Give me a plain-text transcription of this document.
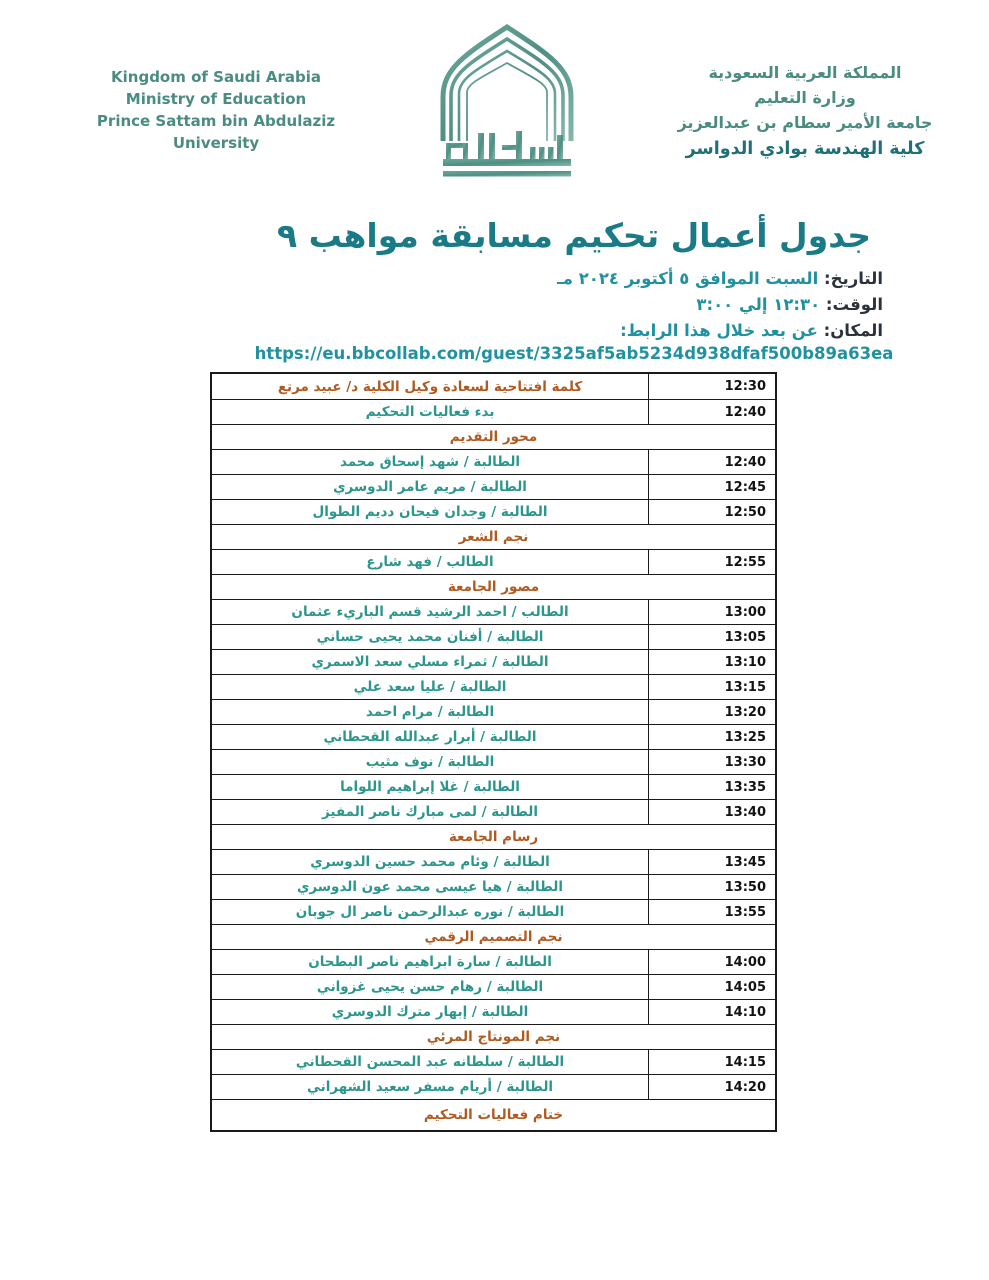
Kingdom of Saudi Arabia
Ministry of Education
Prince Sattam bin Abdulaziz University
المملكة العربية السعودية
وزارة التعليم
جامعة الأمير سطام بن عبدالعزيز
كلية الهندسة بوادي الدواسر
جدول أعمال تحكيم مسابقة مواهب ٩
التاريخ: السبت الموافق ٥ أكتوبر ٢٠٢٤ مـ
الوقت: ١٢:٣٠ إلي ٣:٠٠
المكان: عن بعد خلال هذا الرابط:
https://eu.bbcollab.com/guest/3325af5ab5234d938dfaf500b89a63ea
كلمة افتتاحية لسعادة وكيل الكلية د/ عبيد مرتع	12:30
بدء فعاليات التحكيم	12:40
محور التقديم
الطالبة / شهد إسحاق محمد	12:40
الطالبة / مريم عامر الدوسري	12:45
الطالبة / وجدان فيحان دديم الطوال	12:50
نجم الشعر
الطالب / فهد شارع	12:55
مصور الجامعة
الطالب / احمد الرشيد قسم الباريء عثمان	13:00
الطالبة / أفنان محمد يحيى حساني	13:05
الطالبة / ثمراء مسلي سعد الاسمري	13:10
الطالبة / عليا سعد علي	13:15
الطالبة / مرام احمد	13:20
الطالبة / أبرار عبدالله القحطاني	13:25
الطالبة / نوف مثيب	13:30
الطالبة / غلا إبراهيم اللواما	13:35
الطالبة / لمى مبارك ناصر المفيز	13:40
رسام الجامعة
الطالبة / وئام محمد حسين الدوسري	13:45
الطالبة / هيا عيسى محمد عون الدوسري	13:50
الطالبة / نوره عبدالرحمن ناصر ال جوبان	13:55
نجم التصميم الرقمي
الطالبة / سارة ابراهيم ناصر البطحان	14:00
الطالبة / رهام حسن يحيى غزواني	14:05
الطالبة / إبهار مترك الدوسري	14:10
نجم المونتاج المرئي
الطالبة / سلطانه عبد المحسن القحطاني	14:15
الطالبة / أريام مسفر سعيد الشهراني	14:20
ختام فعاليات التحكيم
